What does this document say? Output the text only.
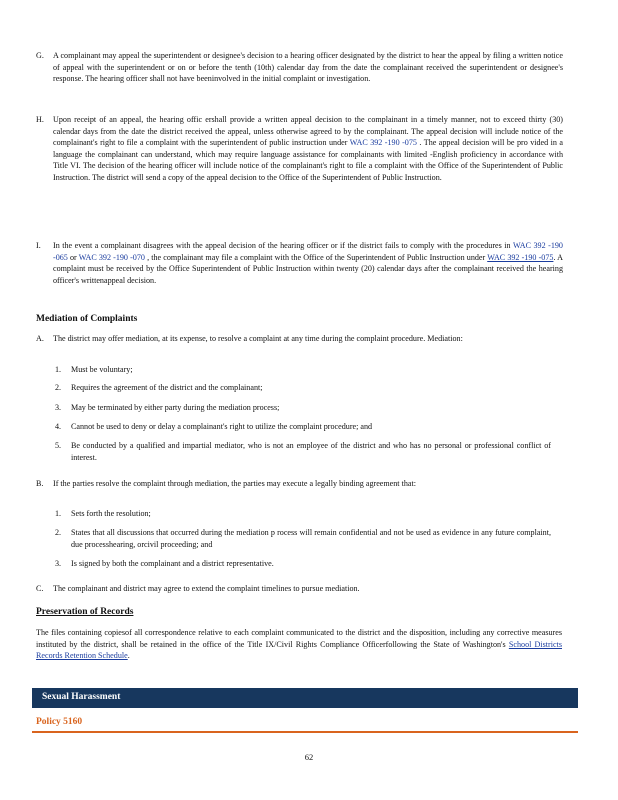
G.	A complainant may appeal the superintendent or designee's decision to a hearing officer designated by the district to hear the appeal by filing a written notice of appeal with the superintendent or on or before the tenth (10th) calendar day from the date the complainant received the superintendent or designee's response. The hearing officer shall not have beeninvolved in the initial complaint or investigation.
H.	Upon receipt of an appeal, the hearing offic ershall provide a written appeal decision to the complainant in a timely manner, not to exceed thirty (30) calendar days from the date the district received the appeal, unless otherwise agreed to by the complainant. The appeal decision will include notice of the complainant's right to file a complaint with the superintendent of public instruction under WAC 392 -190 -075 . The appeal decision will be pro vided in a language the complainant can understand, which may require language assistance for complainants with limited -English proficiency in accordance with Title VI. The decision of the hearing officer will include notice of the complainant's right to file a complaint with the Office of the Superintendent of Public Instruction. The district will send a copy of the appeal decision to the Office of the Superintendent of Public Instruction.
I.	In the event a complainant disagrees with the appeal decision of the hearing officer or if the district fails to comply with the procedures in WAC 392 -190 -065 or WAC 392 -190 -070 , the complainant may file a complaint with the Office of the Superintendent of Public Instruction under WAC 392 -190 -075. A complaint must be received by the Office Superintendent of Public Instruction within twenty (20) calendar days after the complainant received the hearing officer's writtenappeal decision.
Mediation of Complaints
A.	The district may offer mediation, at its expense, to resolve a complaint at any time during the complaint procedure. Mediation:
1.	Must be voluntary;
2.	Requires the agreement of the district and the complainant;
3.	May be terminated by either party during the mediation process;
4.	Cannot be used to deny or delay a complainant's right to utilize the complaint procedure; and
5.	Be conducted by a qualified and impartial mediator, who is not an employee of the district and who has no personal or professional conflict of interest.
B.	If the parties resolve the complaint through mediation, the parties may execute a legally binding agreement that:
1.	Sets forth the resolution;
2.	States that all discussions that occurred during the mediation p rocess will remain confidential and not be used as evidence in any future complaint, due processhearing, orcivil proceeding; and
3.	Is signed by both the complainant and a district representative.
C.	The complainant and district may agree to extend the complaint timelines to pursue mediation.
Preservation of Records
The files containing copiesof all correspondence relative to each complaint communicated to the district and the disposition, including any corrective measures instituted by the district, shall be retained in the office of the Title IX/Civil Rights Compliance Officerfollowing the State of Washington's School Districts Records Retention Schedule.
Sexual Harassment
Policy 5160
62
